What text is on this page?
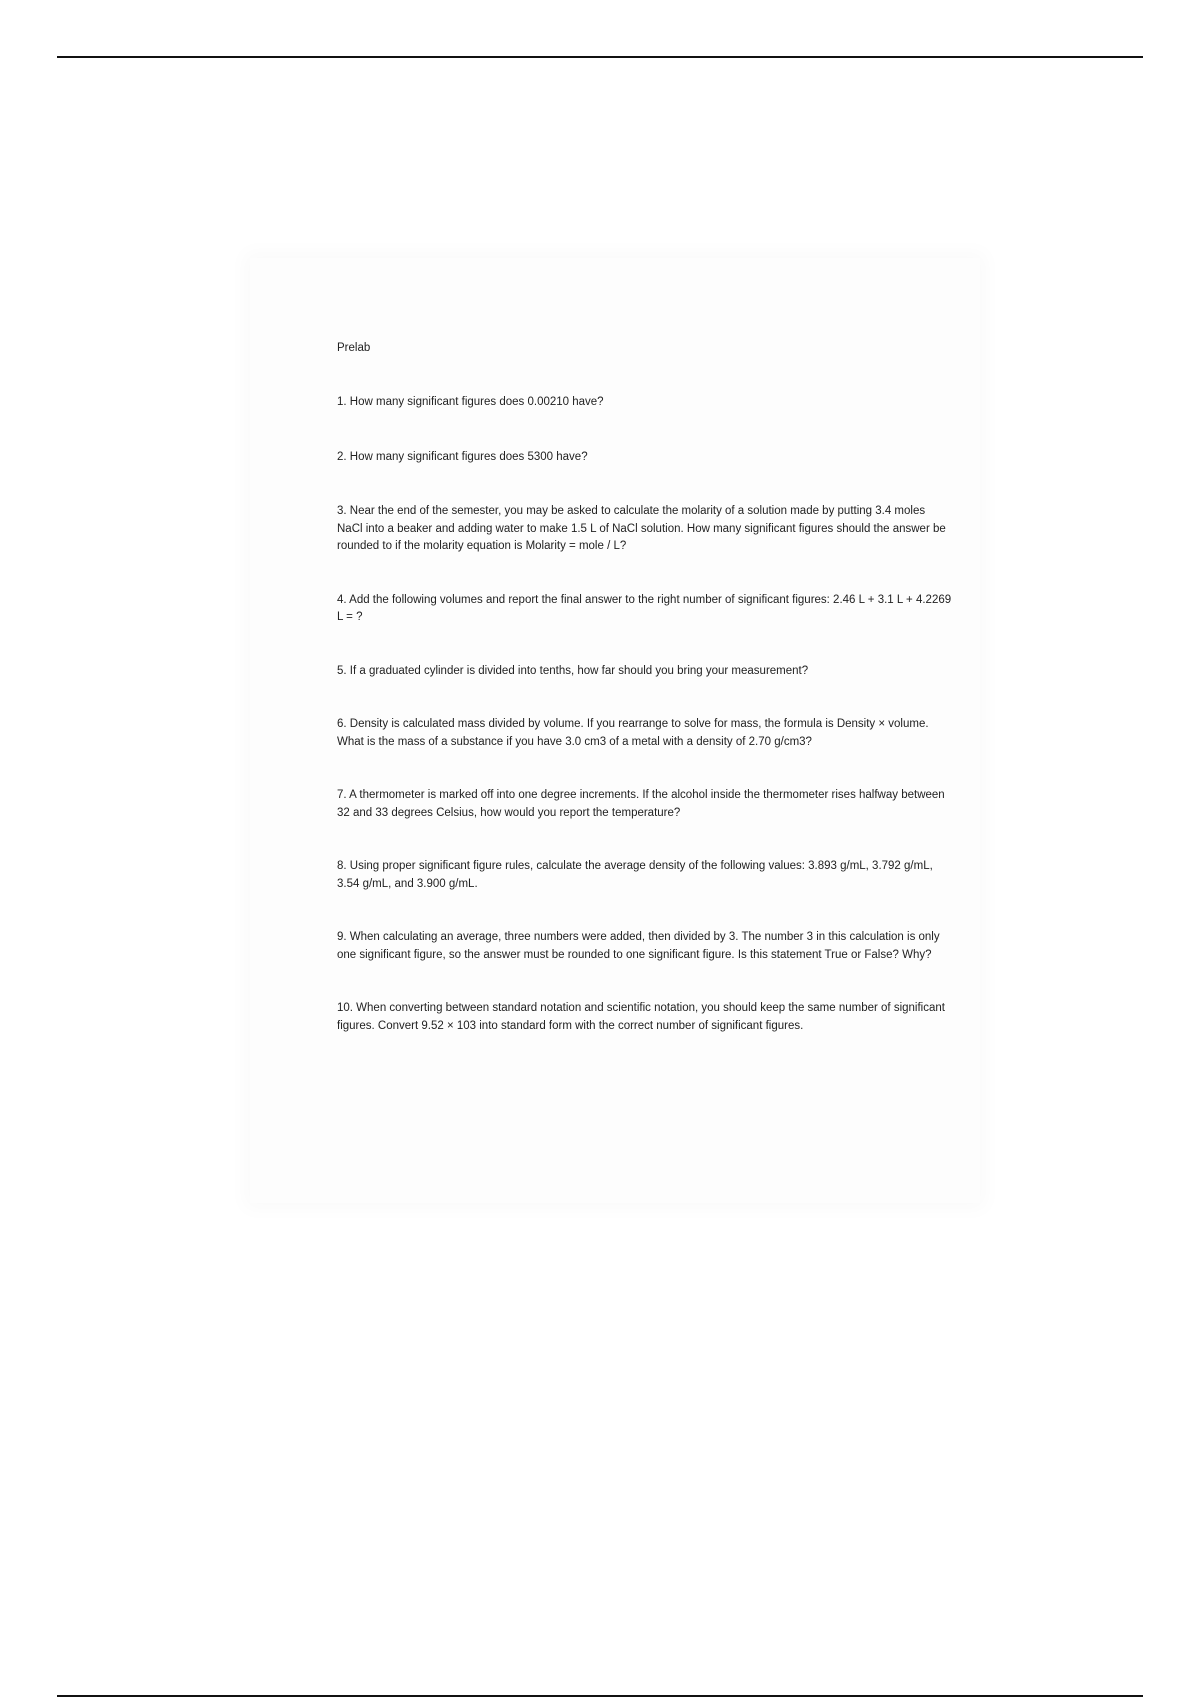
Prelab

1. How many significant figures does 0.00210 have?

2. How many significant figures does 5300 have?

3. Near the end of the semester, you may be asked to calculate the molarity of a solution made by putting 3.4 moles NaCl into a beaker and adding water to make 1.5 L of NaCl solution. How many significant figures should the answer be rounded to if the molarity equation is Molarity = mole / L?

4. Add the following volumes and report the final answer to the right number of significant figures: 2.46 L + 3.1 L + 4.2269 L = ?

5. If a graduated cylinder is divided into tenths, how far should you bring your measurement?

6. Density is calculated mass divided by volume. If you rearrange to solve for mass, the formula is Density × volume. What is the mass of a substance if you have 3.0 cm3 of a metal with a density of 2.70 g/cm3?

7. A thermometer is marked off into one degree increments. If the alcohol inside the thermometer rises halfway between 32 and 33 degrees Celsius, how would you report the temperature?

8. Using proper significant figure rules, calculate the average density of the following values: 3.893 g/mL, 3.792 g/mL, 3.54 g/mL, and 3.900 g/mL.

9. When calculating an average, three numbers were added, then divided by 3. The number 3 in this calculation is only one significant figure, so the answer must be rounded to one significant figure. Is this statement True or False? Why?

10. When converting between standard notation and scientific notation, you should keep the same number of significant figures. Convert 9.52 × 103 into standard form with the correct number of significant figures.
